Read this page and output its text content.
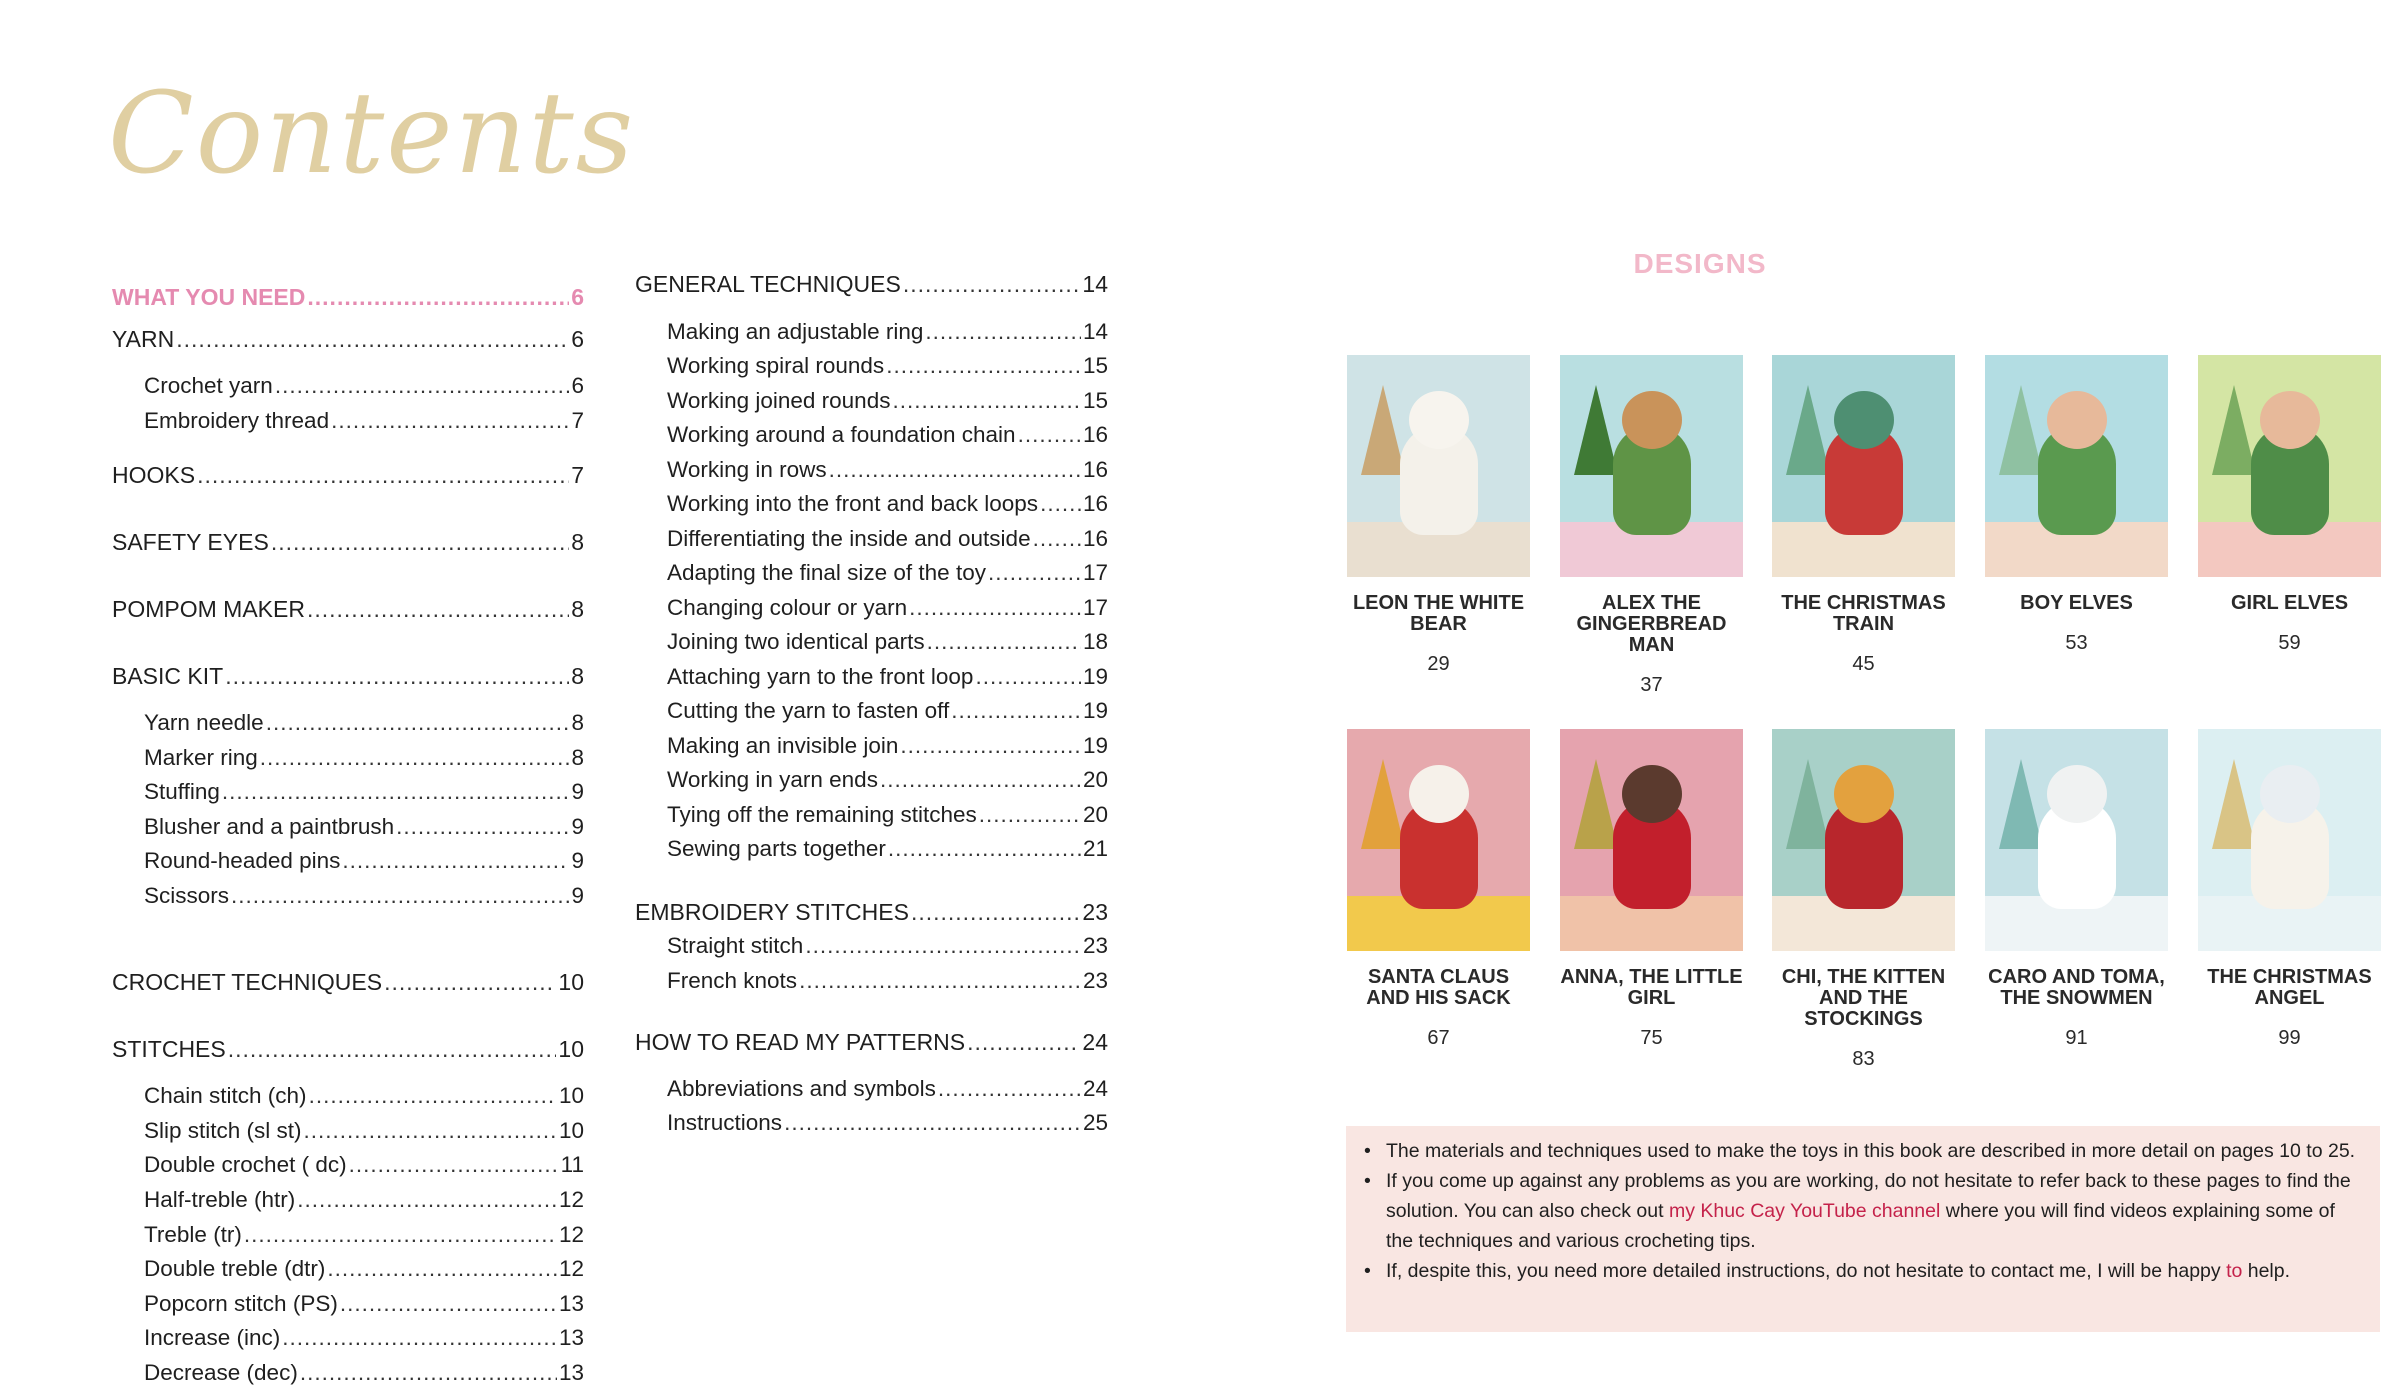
Contents
WHAT YOU NEED .....	6
YARN .....	6
Crochet yarn .....	6
Embroidery thread .....	7
HOOKS .....	7
SAFETY EYES .....	8
POMPOM MAKER .....	8
BASIC KIT .....	8
Yarn needle .....	8
Marker ring .....	8
Stuffing .....	9
Blusher and a paintbrush .....	9
Round-headed pins .....	9
Scissors .....	9
CROCHET TECHNIQUES .....	10
STITCHES .....	10
Chain stitch (ch) .....	10
Slip stitch (sl st) .....	10
Double crochet ( dc) .....	11
Half-treble (htr) .....	12
Treble (tr) .....	12
Double treble (dtr) .....	12
Popcorn stitch (PS) .....	13
Increase (inc) .....	13
Decrease (dec) .....	13
GENERAL TECHNIQUES .....	14
Making an adjustable ring .....	14
Working spiral rounds .....	15
Working joined rounds .....	15
Working around a foundation chain .....	16
Working in rows .....	16
Working into the front and back loops ..... 16
Differentiating the inside and outside ..... 16
Adapting the final size of the toy .....	17
Changing colour or yarn .....	17
Joining two identical parts .....	18
Attaching yarn to the front loop .....	19
Cutting the yarn to fasten off .....	19
Making an invisible join .....	19
Working in yarn ends .....	20
Tying off the remaining stitches .....	20
Sewing parts together .....	21
EMBROIDERY STITCHES .....	23
Straight stitch .....	23
French knots .....	23
HOW TO READ MY PATTERNS .....	24
Abbreviations and symbols .....	24
Instructions .....	25
DESIGNS
LEON THE WHITE
BEAR
29
ALEX THE
GINGERBREAD MAN
37
THE CHRISTMAS
TRAIN
45
BOY ELVES
53
GIRL ELVES
59
SANTA CLAUS
AND HIS SACK
67
ANNA, THE LITTLE
GIRL
75
CHI, THE KITTEN
AND THE
STOCKINGS
83
CARO AND TOMA,
THE SNOWMEN
91
THE CHRISTMAS
ANGEL
99
• The materials and techniques used to make the toys in this book are described in more detail on pages 10 to 25.
• If you come up against any problems as you are working, do not hesitate to refer back to these pages to find the solution. You can also check out my Khuc Cay YouTube channel where you will find videos explaining some of the techniques and various crocheting tips.
• If, despite this, you need more detailed instructions, do not hesitate to contact me, I will be happy to help.
